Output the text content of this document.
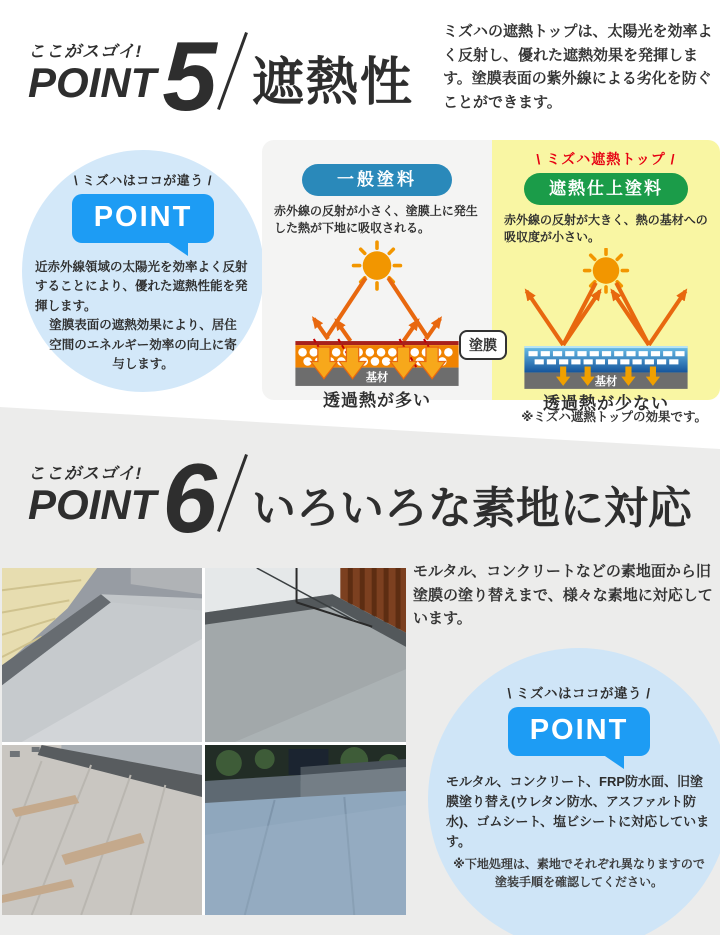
ここがスゴイ!
POINT 5 遮熱性

ミズハの遮熱トップは、太陽光を効率よく反射し、優れた遮熱効果を発揮します。塗膜表面の紫外線による劣化を防ぐことができます。

\ ミズハはココが違う /
POINT

近赤外線領域の太陽光を効率よく反射することにより、優れた遮熱性能を発揮します。

塗膜表面の遮熱効果により、居住空間のエネルギー効率の向上に寄与します。

一般塗料

赤外線の反射が小さく、塗膜上に発生した熱が下地に吸収される。

基材
透過熱が多い
\ ミズハ遮熱トップ /
遮熱仕上塗料

赤外線の反射が大きく、熱の基材への吸収度が小さい。

基材
透過熱が少ない
塗膜
※ミズハ遮熱トップの効果です。
ここがスゴイ!
POINT 6 いろいろな素地に対応

モルタル、コンクリートなどの素地面から旧塗膜の塗り替えまで、様々な素地に対応しています。

\ ミズハはココが違う /
POINT

モルタル、コンクリート、FRP防水面、旧塗膜塗り替え(ウレタン防水、アスファルト防水)、ゴムシート、塩ビシートに対応しています。

※下地処理は、素地でそれぞれ異なりますので塗装手順を確認してください。
